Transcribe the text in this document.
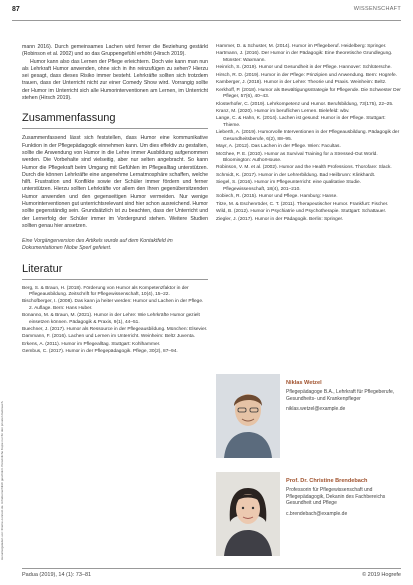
Heruntergeladen von: thieme-connect.de. Urheberrechtlich geschützt. Persönliche Kopie nur für den privaten Gebrauch.
87	WISSENSCHAFT

mann 2016). Durch gemeinsames Lachen wird ferner die Beziehung gestärkt (Robinson et al. 2002) und so das Gruppengefühl erhöht (Hirsch 2019).

Humor kann also das Lernen der Pflege erleichtern. Doch wie kann man nun als Lehrkraft Humor anwenden, ohne sich in ihn reinzufügen zu sehen? Hierzu sei gesagt, dass dieses Risiko immer besteht. Lehrkräfte sollten sich trotzdem trauen, dass der Unterricht nicht zur einer Comedy Show wird. Vorrangig sollte der Humor im Unterricht sich alle Humorinterventionen am Lernen, im Unterricht stehen (Hirsch 2019).

Zusammenfassung

Zusammenfassend lässt sich feststellen, dass Humor eine kommunikative Funktion in der Pflegepädagogik einnehmen kann. Um dies effektiv zu gestalten, sollte die Anwendung von Humor in die Lehre immer Ausbildung aufgenommen werden. Die Vorbehalte sind vielseitig, aber nur selten angebracht. So kann Humor die Pflegekraft beim Umgang mit Gefühlen im Pflegealltag unterstützen. Durch die können Lehrkräfte eine angenehme Lernatmosphäre schaffen, welche hilft. Frustration und Konflikte sowie der Schüler immer fördern und ferner unterstützen. Hierzu sollten Lehrkräfte vor allem den Ihren gegenübersitzenden Humor anwenden und den gegenseitigen Humor vermeiden. Nur wenige Humorinterventionen gut unterrichtsrelevant sind hier schon ausreichend. Humor sollte gegenständig sein. Grundsätzlich ist zu beachten, dass der Unterricht und der Lernerfolg der Schüler immer im Vordergrund stehen. Weitere Studien sollten genau hier ansetzen.

Eine Vorgängerversion des Artikels wurde auf dem Kontaktfeld im Dokumentationen Niobe Sperl gefeiert.

Literatur
Berg, S. & Braun, H. (2018). Förderung von Humor als Kompetenzfaktor in der Pflegeausbildung. Zeitschrift für Pflegewissenschaft, 10(4), 15–22.
Bischofberger, I. (2008). Das kann ja heiter werden: Humor und Lachen in der Pflege. 2. Auflage. Bern: Hans Huber.
Bonanno, M. & Braun, M. (2021). Humor in der Lehre: Wie Lehrkräfte Humor gezielt einsetzen können. Pädagogik & Praxis, 9(1), 44–51.
Buechner, J. (2017). Humor als Ressource in der Pflegeausbildung. München: Elsevier.
Dammann, F. (2016). Lachen und Lernen im Unterricht. Weinheim: Beltz Juventa.
Erkens, A. (2011). Humor im Pflegealltag. Stuttgart: Kohlhammer.
Gembus, C. (2017). Humor in der Pflegepädagogik. Pflege, 30(2), 87–94.
Hammer, D. & Schuster, M. (2014). Humor im Pflegeberuf. Heidelberg: Springer.
Hartmann, J. (2016). Der Humor in der Pädagogik: Eine theoretische Grundlegung. Münster: Waxmann.
Heinrich, S. (2019). Humor und Gesundheit in der Pflege. Hannover: Schlütersche.
Hirsch, R. D. (2019). Humor in der Pflege: Prinzipien und Anwendung. Bern: Hogrefe.
Kamberger, J. (2018). Humor in der Lehre: Theorie und Praxis. Weinheim: Beltz.
Kerkhoff, P. (2018). Humor als Bewältigungsstrategie für Pflegende. Die Schwester Der Pfleger, 57(6), 40–43.
Klosterhofer, C. (2019). Lehrkompetenz und Humor. Berufsbildung, 73(175), 22–25.
Kranz, M. (2020). Humor im beruflichen Lernen. Bielefeld: wbv.
Lange, C. & Hahn, K. (2014). Lachen ist gesund: Humor in der Pflege. Stuttgart: Thieme.
Lieberth, A. (2019). Humorvolle Interventionen in der Pflegeausbildung. Pädagogik der Gesundheitsberufe, 6(2), 88–95.
Mayr, A. (2012). Das Lachen in der Pflege. Wien: Facultas.
McGhee, P. E. (2010). Humor as Survival Training for a Stressed-Out World. Bloomington: AuthorHouse.
Robinson, V. M. et al. (2002). Humor and the Health Professions. Thorofare: Slack.
Schmidt, K. (2017). Humor in der Lehrerbildung. Bad Heilbrunn: Klinkhardt.
Siegel, S. (2016). Humor im Pflegeunterricht: eine qualitative Studie. Pflegewissenschaft, 18(4), 201–210.
Sobiech, R. (2015). Humor und Pflege. Hamburg: Hanse.
Titze, M. & Eschenröder, C. T. (2011). Therapeutischer Humor. Frankfurt: Fischer.
Wild, B. (2012). Humor in Psychiatrie und Psychotherapie. Stuttgart: Schattauer.
Ziegler, J. (2017). Humor in der Pädagogik. Berlin: Springer.
Niklas Wetzel
Pflegepädagoge B.A., Lehrkraft für Pflegeberufe, Gesundheits- und Krankenpfleger
niklas.wetzel@example.de
Prof. Dr. Christine Brendebach
Professorin für Pflegewissenschaft und Pflegepädagogik, Dekanin des Fachbereichs Gesundheit und Pflege
c.brendebach@example.de
Padua (2019), 14 (1): 73–81	© 2019 Hogrefe
